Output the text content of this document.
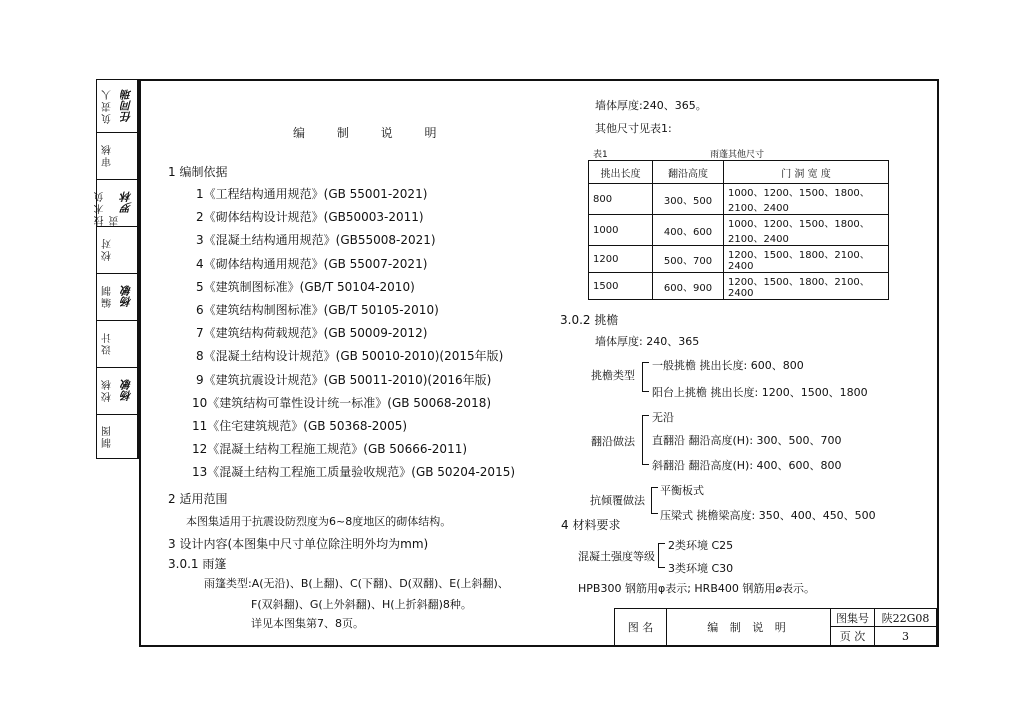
负责人 任同瑞
审核
技术负责
罗林
校对
编制 杨敏
设计
校核 杨敏
制图
编 制 说 明
1 编制依据
1《工程结构通用规范》(GB 55001-2021)
2《砌体结构设计规范》(GB50003-2011)
3《混凝土结构通用规范》(GB55008-2021)
4《砌体结构通用规范》(GB 55007-2021)
5《建筑制图标准》(GB/T 50104-2010)
6《建筑结构制图标准》(GB/T 50105-2010)
7《建筑结构荷载规范》(GB 50009-2012)
8《混凝土结构设计规范》(GB 50010-2010)(2015年版)
9《建筑抗震设计规范》(GB 50011-2010)(2016年版)
10《建筑结构可靠性设计统一标准》(GB 50068-2018)
11《住宅建筑规范》(GB 50368-2005)
12《混凝土结构工程施工规范》(GB 50666-2011)
13《混凝土结构工程施工质量验收规范》(GB 50204-2015)
2 适用范围
本图集适用于抗震设防烈度为6~8度地区的砌体结构。
3 设计内容(本图集中尺寸单位除注明外均为mm)
3.0.1 雨篷
雨篷类型:A(无沿)、B(上翻)、C(下翻)、D(双翻)、E(上斜翻)、
F(双斜翻)、G(上外斜翻)、H(上折斜翻)8种。
详见本图集第7、8页。
墙体厚度:240、365。
其他尺寸见表1:
表1	雨蓬其他尺寸
挑出长度	翻沿高度	门 洞 宽 度
800	300、500	1000、1200、1500、1800、2100、2400
1000	400、600	1000、1200、1500、1800、2100、2400
1200	500、700	1200、1500、1800、2100、2400
1500	600、900	1200、1500、1800、2100、2400
3.0.2 挑檐
墙体厚度: 240、365
挑檐类型
一般挑檐 挑出长度: 600、800
阳台上挑檐 挑出长度: 1200、1500、1800
翻沿做法
无沿
直翻沿 翻沿高度(H): 300、500、700
斜翻沿 翻沿高度(H): 400、600、800
抗倾覆做法
平衡板式
压梁式 挑檐梁高度: 350、400、450、500
4 材料要求
混凝土强度等级
2类环境 C25
3类环境 C30
HPB300 钢筋用φ表示; HRB400 钢筋用⌀表示。
图 名	编 制 说 明
图集号	陕22G08
页 次	3
